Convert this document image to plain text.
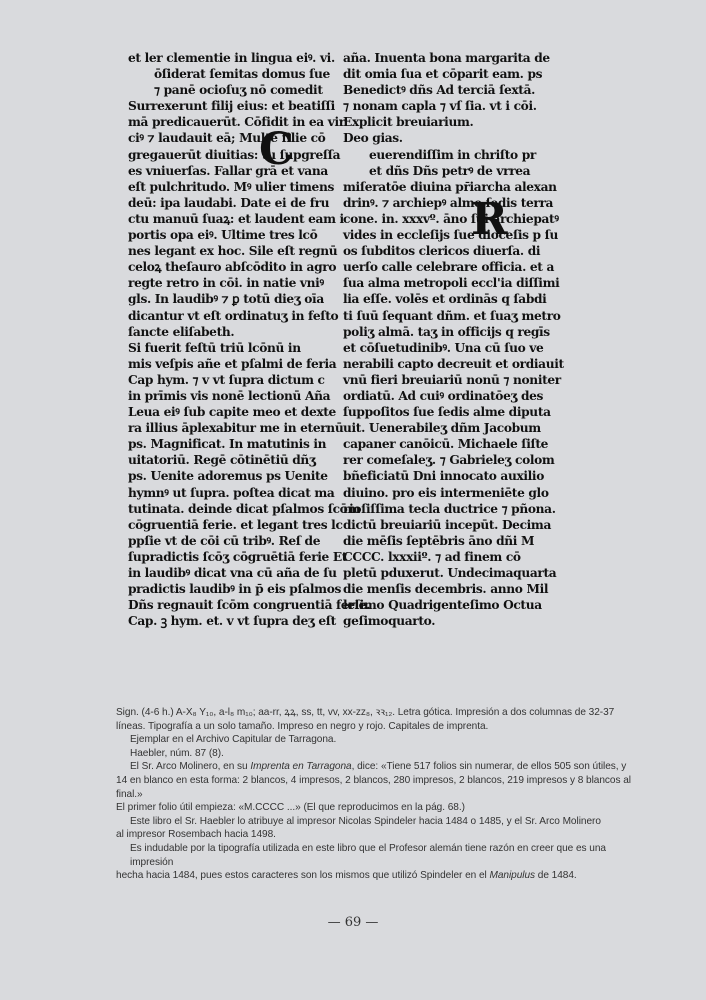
et ler clementie in lingua eiꝰ. vi.
ōſiderat ſemitas domus ſue
⁊ panē ocioſuʒ nō comedit
Surrexerunt filij eius: et beatiſſi
mā predicauerūt. Cōfidit in ea vir
ciꝰ ⁊ laudauit eā; Multe filie cō
gregauerūt diuitias: tu ſupgreſſa
es vniuerſas. Fallar grā et vana
eſt pulchritudo. Mꝰ ulier timens
deū: ipa laudabi. Date ei de fru
ctu manuū ſuaꝝ: et laudent eam i
portis opa eiꝰ. Ultime tres lcō
nes legant ex hoc. Sile eſt regnū
celoꝝ theſauro abſcōdito in agro
regte retro in cōi. in natie vniꝰ
gls. In laudibꝰ ⁊ ꝑ totū dieʒ oīa
dicantur vt eſt ordinatuʒ in feſto
ſancte eliſabeth.
Si fuerit feſtū triū lcōnū in
mis veſpis añe et pſalmi de feria
Cap hym. ⁊ v vt ſupra dictum c
in prīmis vis nonē lectionū Aña
Leua eiꝰ ſub capite meo et dexte
ra illius āplexabitur me in eternū
ps. Magnificat. In matutinis in
uitatoriū. Regē cōtinētiū dñʒ
ps. Uenite adoremus ps Uenite
hymnꝰ ut ſupra. poſtea dicat ma
tutinata. deinde dicat pſalmos ſcōm
cōgruentiā ferie. et legant tres lc
ppſie vt de cōi cū tribꝰ. Reſ de
ſupradictis ſcōʒ cōgruētiā ferie Et
in laudibꝰ dicat vna cū aña de ſu
pradictis laudibꝰ in p̄ eis pſalmos
Dñs regnauit ſcōm congruentiā ferie.
Cap. ꝫ hym. et. v vt ſupra deʒ eſt
aña. Inuenta bona margarita de
dit omia ſua et cōparit eam. ps
Benedictꝰ dñs Ad terciā ſextā.
⁊ nonam capla ⁊ vſ ſia. vt i cōi.
Explicit breuiarium.
Deo gias.
euerendiſſim in chriſto pr
et dñs Dñs petrꝰ de vrrea
miſeratōe diuina pr̄iarcha alexan
drinꝰ. ⁊ archiepꝰ alme ſedis terra
cone. in. xxxvº. āno ſui archiepatꝰ
vides in eccleſijs ſue dioceſis p ſu
os ſubditos clericos diuerſa. di
uerſo calle celebrare officia. et a
ſua alma metropoli eccl'ia diſſimi
lia eſſe. volēs et ordinās q ſabdi
ti ſuū ſequant dñm. et ſuaʒ metro
poliʒ almā. taʒ in officijs q regīs
et cōſuetudinibꝰ. Una cū ſuo ve
nerabili capto decreuit et ordiauit
vnū fieri breuiariū nonū ⁊ noniter
ordiatū. Ad cuiꝰ ordinatōeʒ des
ſuppoſitos ſue ſedis alme diputa
uit. Uenerabileʒ dñm Jacobum
capaner canōicū. Michaele ſiſte
rer comeſaleʒ. ⁊ Gabrieleʒ colom
bñeficiatū Dni innocato auxilio
diuino. pro eis intermeniēte glo
rioſiſſima tecla ductrice ⁊ pñona.
dictū breuiariū incepūt. Decima
die mēſis ſeptēbris āno dñi M
CCCC. lxxxiiº. ⁊ ad finem cō
pletū pduxerut. Undecimaquarta
die menſis decembris. anno Mil
leſimo Quadrigenteſimo Octua
geſimoquarto.
C
R

Sign. (4-6 h.) A-X₈ Y₁₀, a-l₈ m₁₀; aa-rr, ꝝꝝ, ss, tt, vv, xx-zz₈, ꝛꝛ₁₂. Letra gótica. Impresión a dos columnas de 32-37

líneas. Tipografía a un solo tamaño. Impreso en negro y rojo. Capitales de imprenta.

Ejemplar en el Archivo Capitular de Tarragona.

Haebler, núm. 87 (8).

El Sr. Arco Molinero, en su Imprenta en Tarragona, dice: «Tiene 517 folios sin numerar, de ellos 505 son útiles, y

14 en blanco en esta forma: 2 blancos, 4 impresos, 2 blancos, 280 impresos, 2 blancos, 219 impresos y 8 blancos al final.»

El primer folio útil empieza: «M.CCCC ...» (El que reproducimos en la pág. 68.)

Este libro el Sr. Haebler lo atribuye al impresor Nicolas Spindeler hacia 1484 o 1485, y el Sr. Arco Molinero

al impresor Rosembach hacia 1498.

Es indudable por la tipografía utilizada en este libro que el Profesor alemán tiene razón en creer que es una impresión

hecha hacia 1484, pues estos caracteres son los mismos que utilizó Spindeler en el Manipulus de 1484.

— 69 —
